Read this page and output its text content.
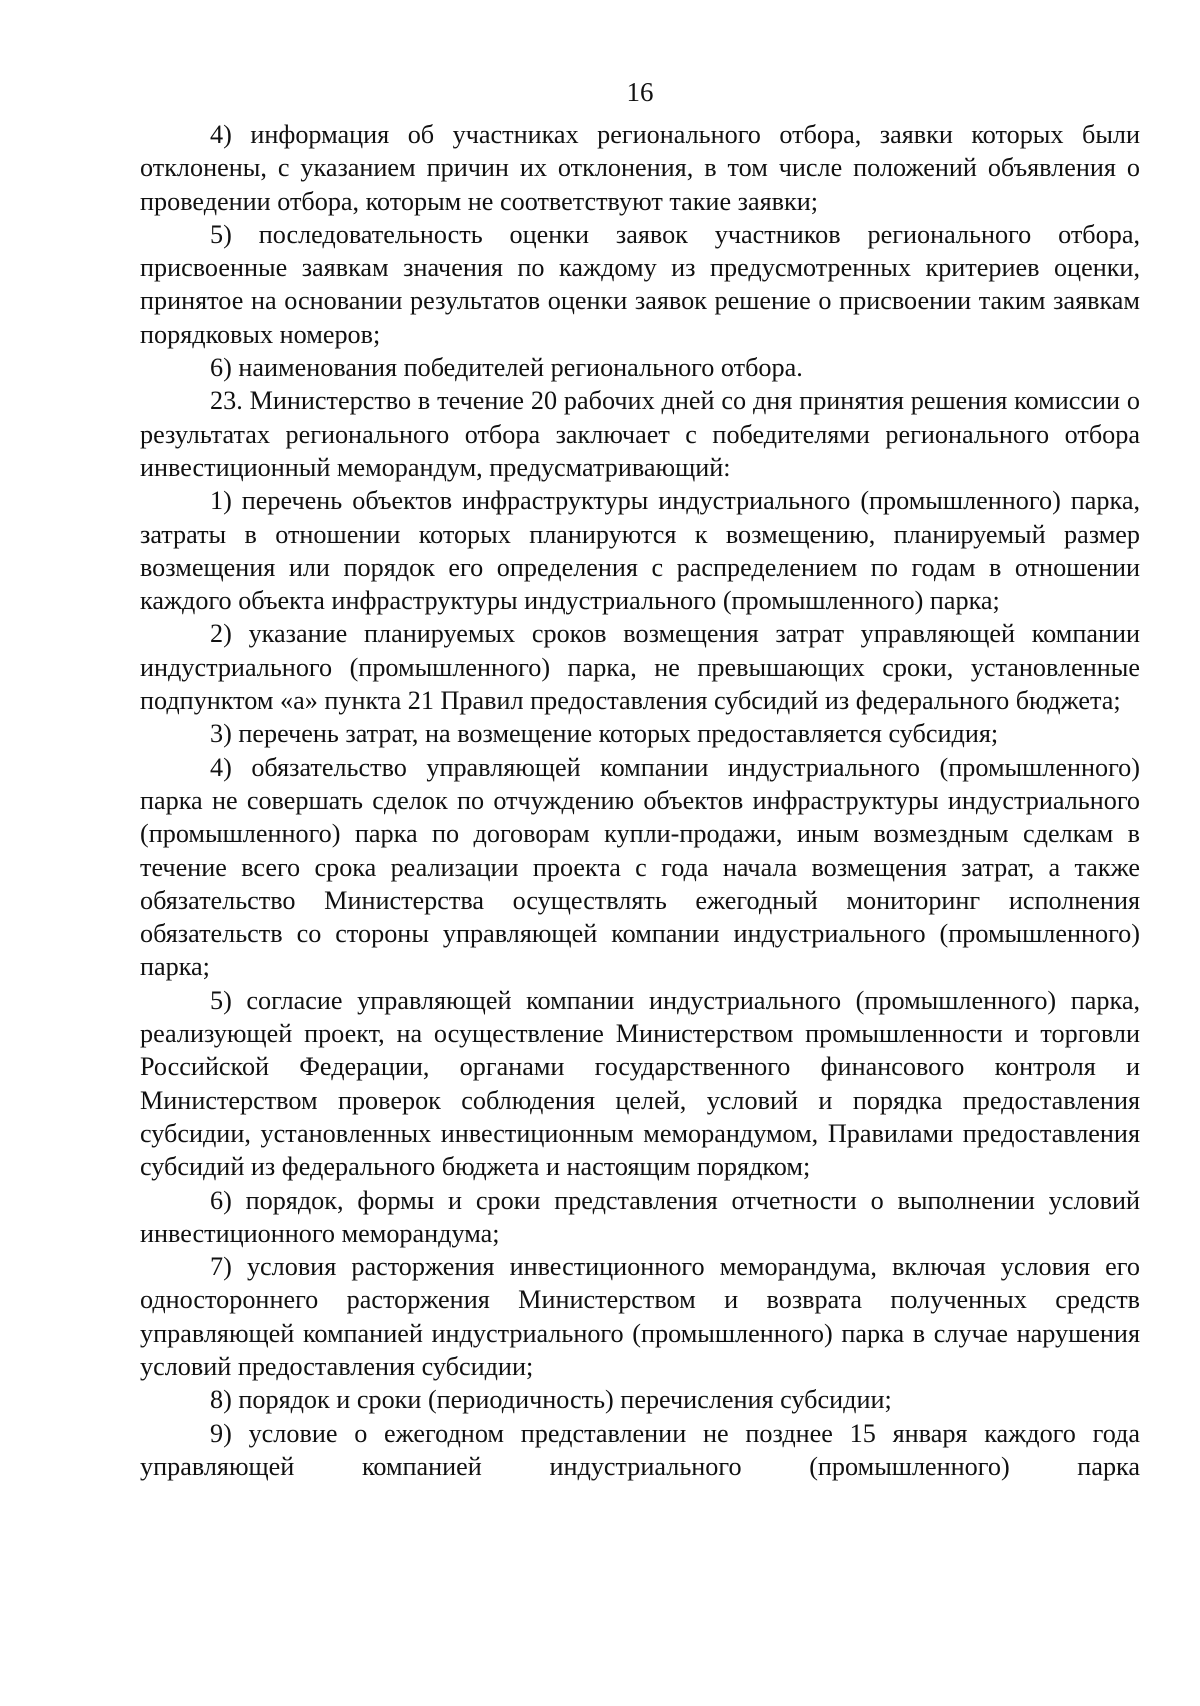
16

4) информация об участниках регионального отбора, заявки которых были отклонены, с указанием причин их отклонения, в том числе положений объявления о проведении отбора, которым не соответствуют такие заявки;

5) последовательность оценки заявок участников регионального отбора, присвоенные заявкам значения по каждому из предусмотренных критериев оценки, принятое на основании результатов оценки заявок решение о присвоении таким заявкам порядковых номеров;

6) наименования победителей регионального отбора.

23. Министерство в течение 20 рабочих дней со дня принятия решения комиссии о результатах регионального отбора заключает с победителями регионального отбора инвестиционный меморандум, предусматривающий:

1) перечень объектов инфраструктуры индустриального (промышленного) парка, затраты в отношении которых планируются к возмещению, планируемый размер возмещения или порядок его определения с распределением по годам в отношении каждого объекта инфраструктуры индустриального (промышленного) парка;

2) указание планируемых сроков возмещения затрат управляющей компании индустриального (промышленного) парка, не превышающих сроки, установленные подпунктом «а» пункта 21 Правил предоставления субсидий из федерального бюджета;

3) перечень затрат, на возмещение которых предоставляется субсидия;

4) обязательство управляющей компании индустриального (промышленного) парка не совершать сделок по отчуждению объектов инфраструктуры индустриального (промышленного) парка по договорам купли-продажи, иным возмездным сделкам в течение всего срока реализации проекта с года начала возмещения затрат, а также обязательство Министерства осуществлять ежегодный мониторинг исполнения обязательств со стороны управляющей компании индустриального (промышленного) парка;

5) согласие управляющей компании индустриального (промышленного) парка, реализующей проект, на осуществление Министерством промышленности и торговли Российской Федерации, органами государственного финансового контроля и Министерством проверок соблюдения целей, условий и порядка предоставления субсидии, установленных инвестиционным меморандумом, Правилами предоставления субсидий из федерального бюджета и настоящим порядком;

6) порядок, формы и сроки представления отчетности о выполнении условий инвестиционного меморандума;

7) условия расторжения инвестиционного меморандума, включая условия его одностороннего расторжения Министерством и возврата полученных средств управляющей компанией индустриального (промышленного) парка в случае нарушения условий предоставления субсидии;

8) порядок и сроки (периодичность) перечисления субсидии;

9) условие о ежегодном представлении не позднее 15 января каждого года управляющей компанией индустриального (промышленного) парка
